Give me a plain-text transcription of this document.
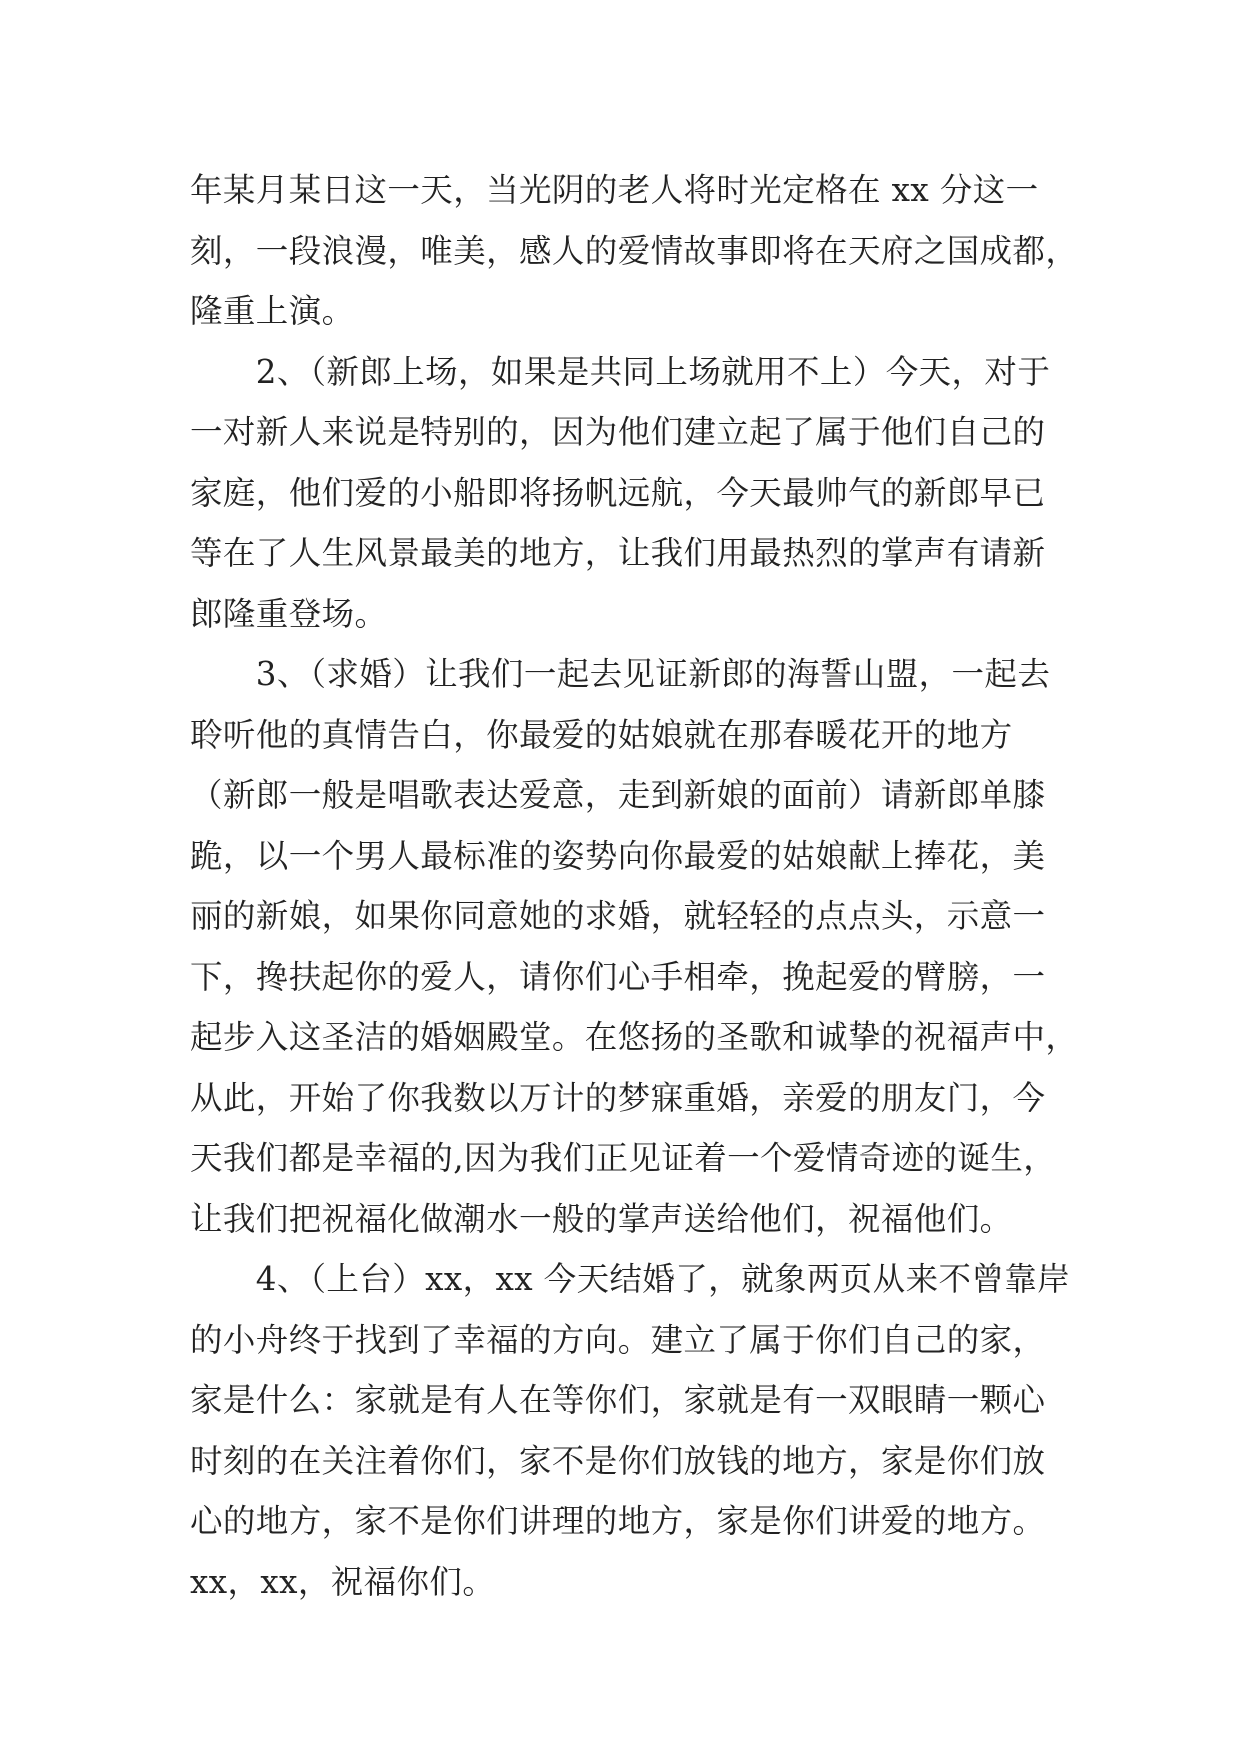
年某月某日这一天，当光阴的老人将时光定格在 xx 分这一
刻，一段浪漫，唯美，感人的爱情故事即将在天府之国成都，
隆重上演。
　　2、（新郎上场，如果是共同上场就用不上）今天，对于
一对新人来说是特别的，因为他们建立起了属于他们自己的
家庭，他们爱的小船即将扬帆远航，今天最帅气的新郎早已
等在了人生风景最美的地方，让我们用最热烈的掌声有请新
郎隆重登场。
　　3、（求婚）让我们一起去见证新郎的海誓山盟，一起去
聆听他的真情告白，你最爱的姑娘就在那春暖花开的地方
（新郎一般是唱歌表达爱意，走到新娘的面前）请新郎单膝
跪，以一个男人最标准的姿势向你最爱的姑娘献上捧花，美
丽的新娘，如果你同意她的求婚，就轻轻的点点头，示意一
下，搀扶起你的爱人，请你们心手相牵，挽起爱的臂膀，一
起步入这圣洁的婚姻殿堂。在悠扬的圣歌和诚挚的祝福声中，
从此，开始了你我数以万计的梦寐重婚，亲爱的朋友门，今
天我们都是幸福的,因为我们正见证着一个爱情奇迹的诞生，
让我们把祝福化做潮水一般的掌声送给他们，祝福他们。
　　4、（上台）xx，xx 今天结婚了，就象两页从来不曾靠岸
的小舟终于找到了幸福的方向。建立了属于你们自己的家，
家是什么：家就是有人在等你们，家就是有一双眼睛一颗心
时刻的在关注着你们，家不是你们放钱的地方，家是你们放
心的地方，家不是你们讲理的地方，家是你们讲爱的地方。
xx，xx，祝福你们。
